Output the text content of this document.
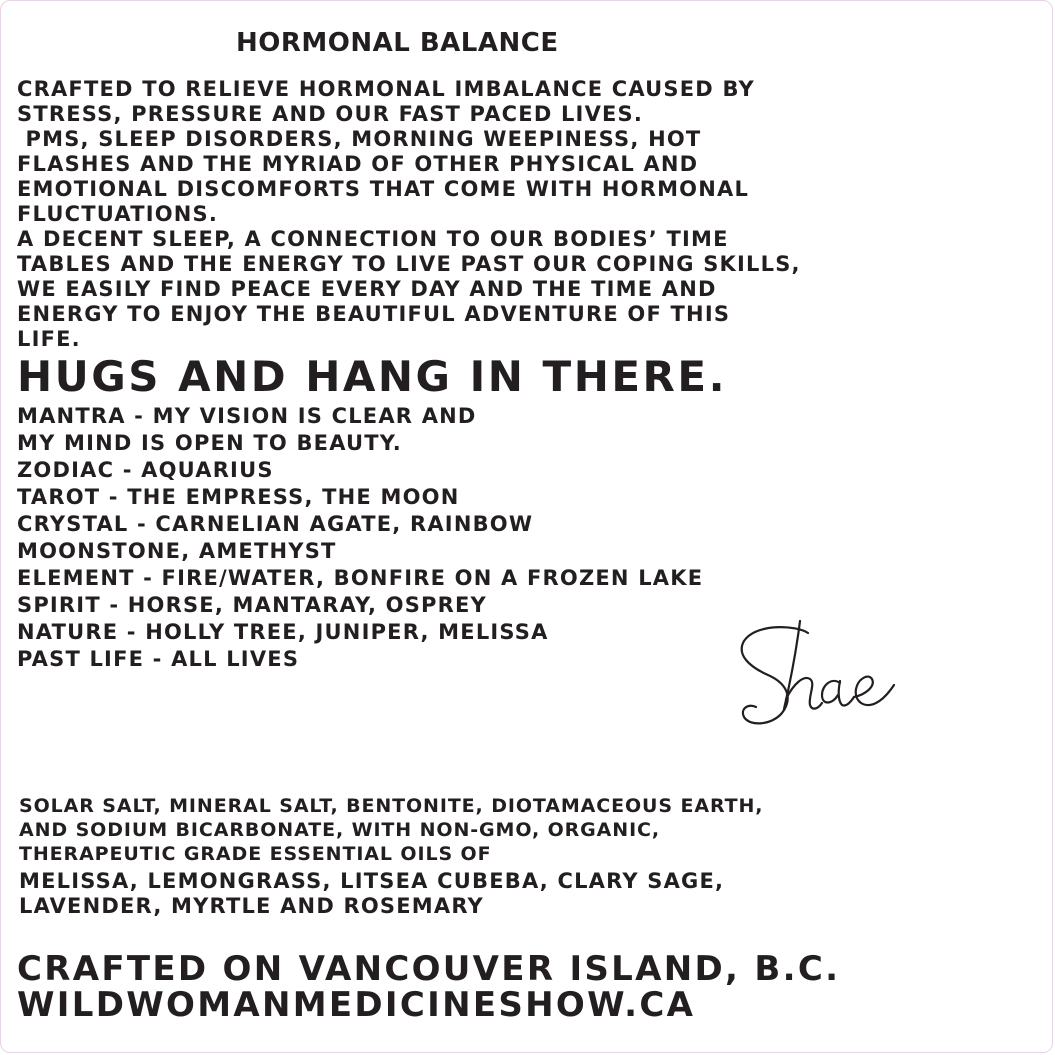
HORMONAL BALANCE
CRAFTED TO RELIEVE HORMONAL IMBALANCE CAUSED BY
STRESS, PRESSURE AND OUR FAST PACED LIVES.
PMS, SLEEP DISORDERS, MORNING WEEPINESS, HOT
FLASHES AND THE MYRIAD OF OTHER PHYSICAL AND
EMOTIONAL DISCOMFORTS THAT COME WITH HORMONAL
FLUCTUATIONS.
A DECENT SLEEP, A CONNECTION TO OUR BODIES’ TIME
TABLES AND THE ENERGY TO LIVE PAST OUR COPING SKILLS,
WE EASILY FIND PEACE EVERY DAY AND THE TIME AND
ENERGY TO ENJOY THE BEAUTIFUL ADVENTURE OF THIS
LIFE.
HUGS AND HANG IN THERE.
MANTRA - MY VISION IS CLEAR AND
MY MIND IS OPEN TO BEAUTY.
ZODIAC - AQUARIUS
TAROT - THE EMPRESS, THE MOON
CRYSTAL - CARNELIAN AGATE, RAINBOW
MOONSTONE, AMETHYST
ELEMENT - FIRE/WATER, BONFIRE ON A FROZEN LAKE
SPIRIT - HORSE, MANTARAY, OSPREY
NATURE - HOLLY TREE, JUNIPER, MELISSA
PAST LIFE - ALL LIVES
SOLAR SALT, MINERAL SALT, BENTONITE, DIOTAMACEOUS EARTH,
AND SODIUM BICARBONATE, WITH NON-GMO, ORGANIC,
THERAPEUTIC GRADE ESSENTIAL OILS OF
MELISSA, LEMONGRASS, LITSEA CUBEBA, CLARY SAGE,
LAVENDER, MYRTLE AND ROSEMARY
CRAFTED ON VANCOUVER ISLAND, B.C.
WILDWOMANMEDICINESHOW.CA
